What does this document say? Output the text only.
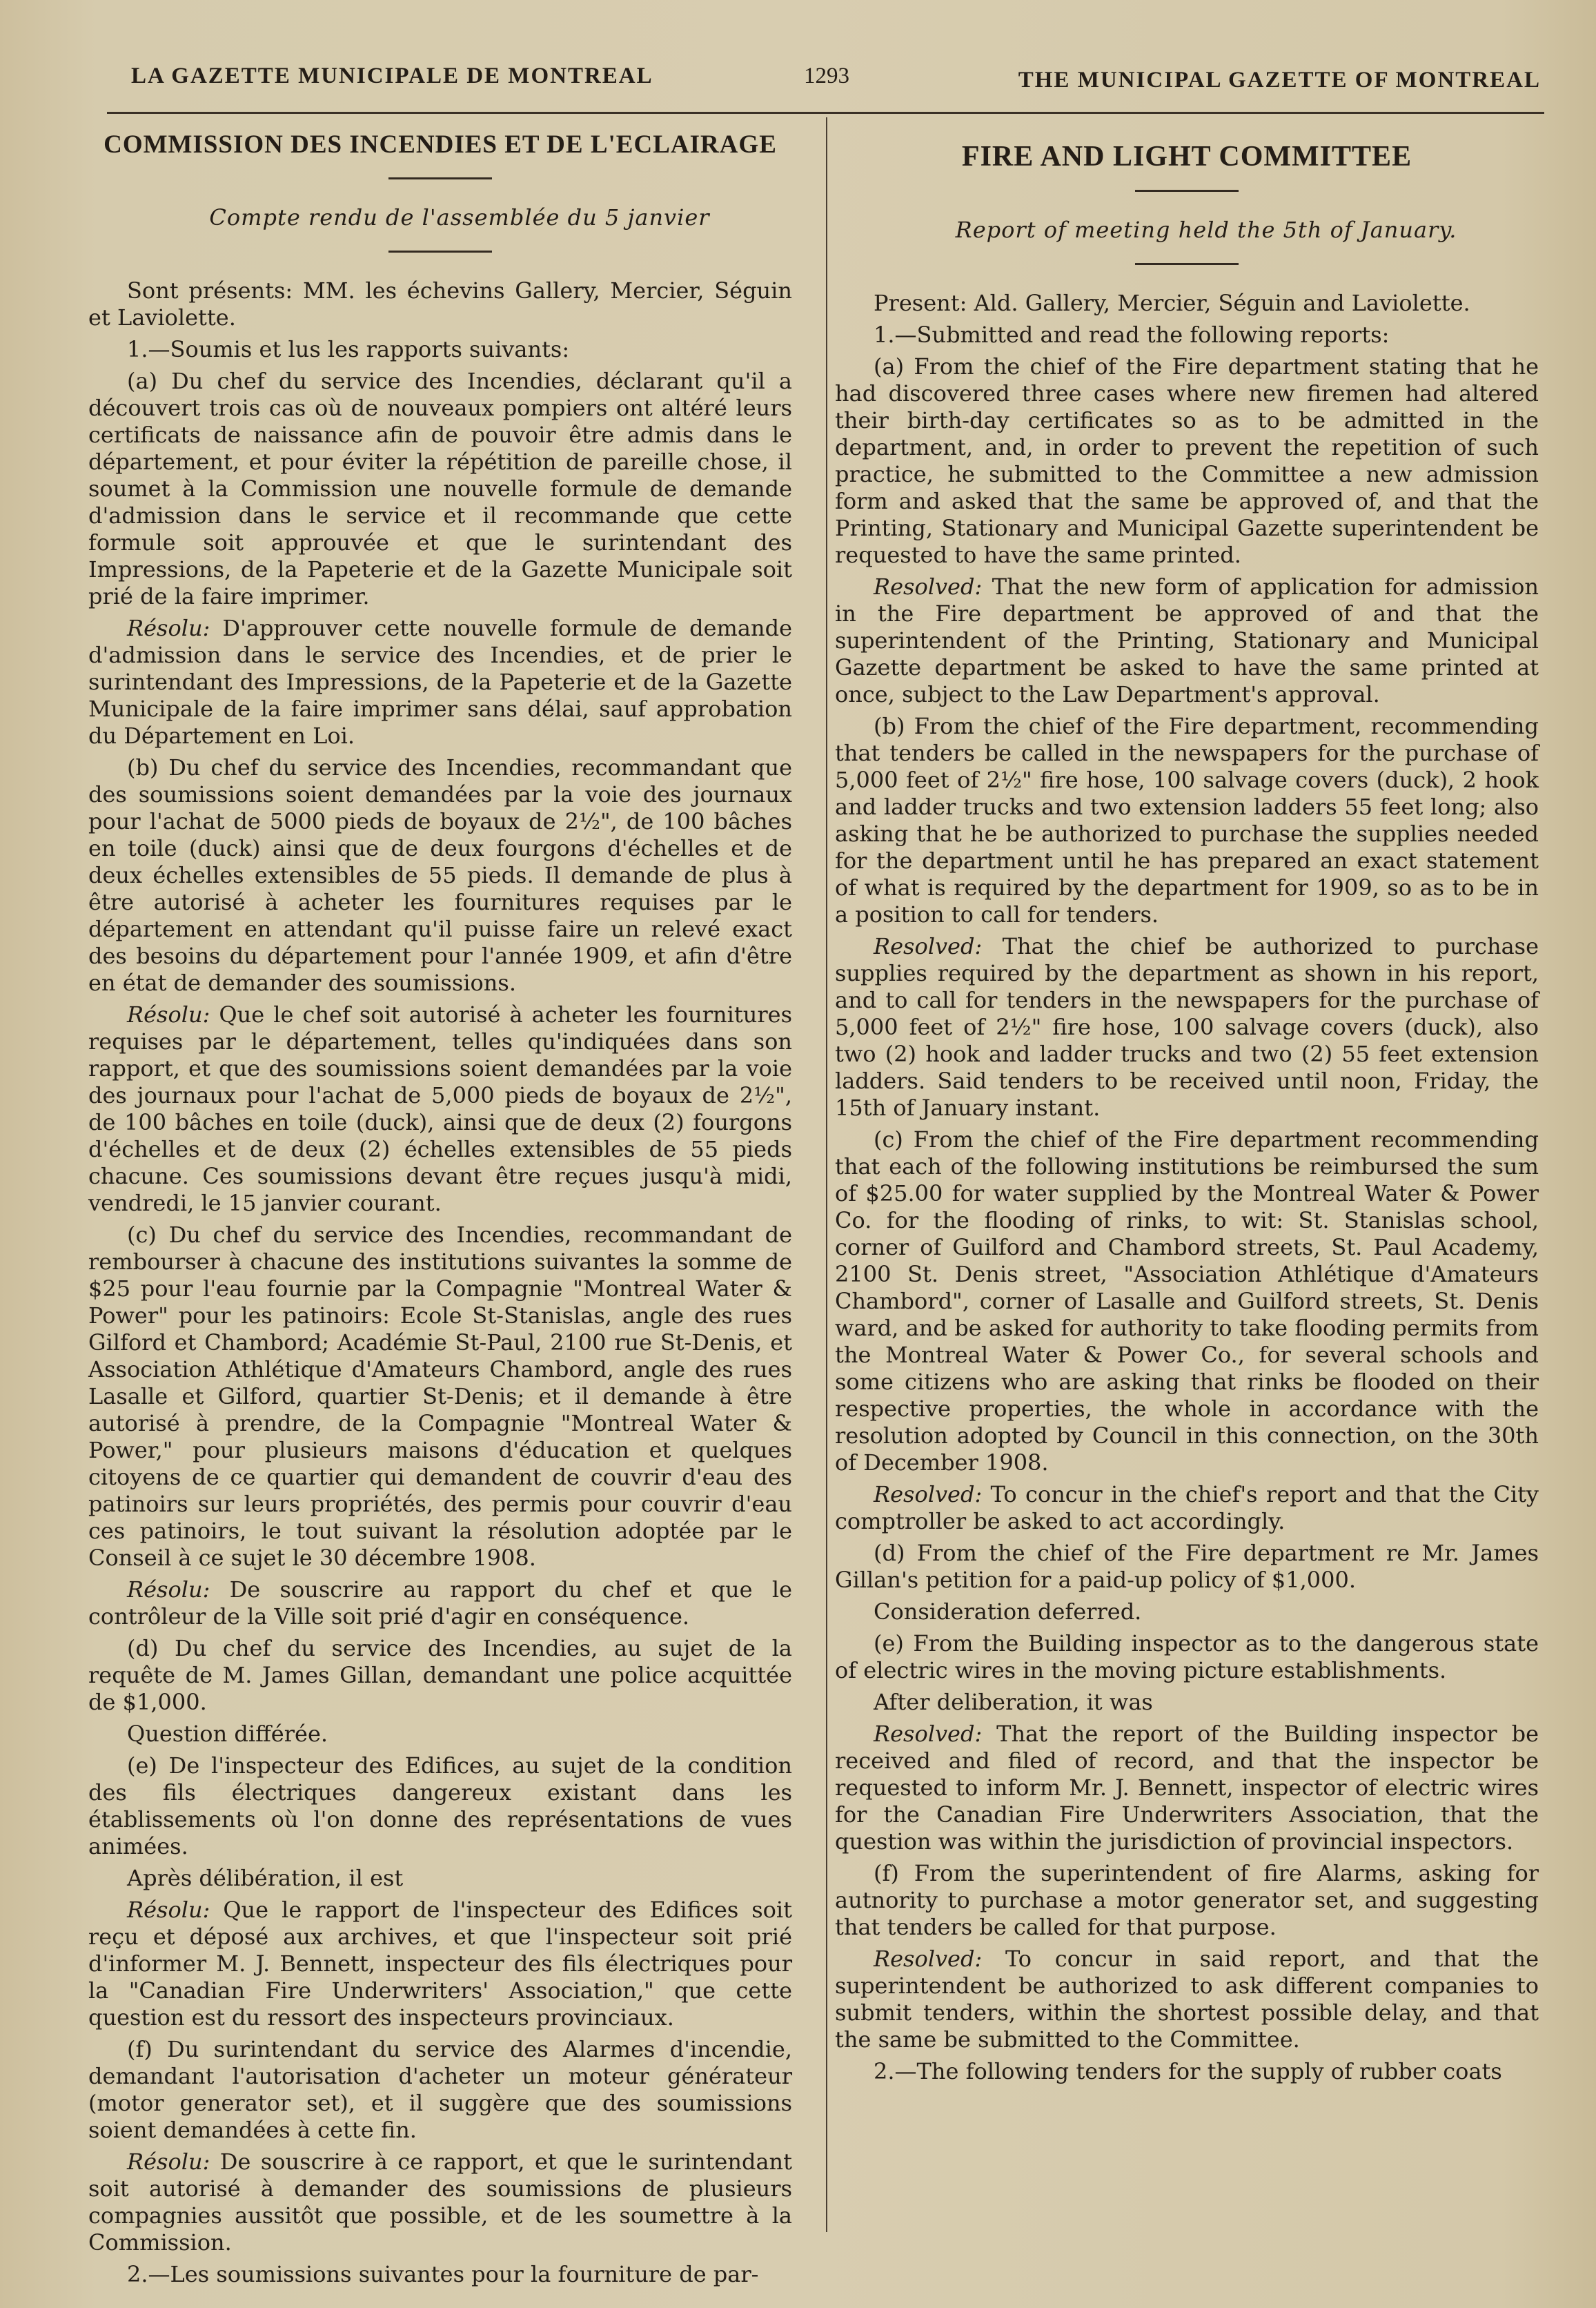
LA GAZETTE MUNICIPALE DE MONTREAL	1293	THE MUNICIPAL GAZETTE OF MONTREAL
COMMISSION DES INCENDIES ET DE L'ECLAIRAGE

Compte rendu de l'assemblée du 5 janvier

Sont présents: MM. les échevins Gallery, Mercier, Séguin et Laviolette.

1.—Soumis et lus les rapports suivants:

(a) Du chef du service des Incendies, déclarant qu'il a découvert trois cas où de nouveaux pompiers ont altéré leurs certificats de naissance afin de pouvoir être admis dans le département, et pour éviter la répétition de pareille chose, il soumet à la Commission une nouvelle formule de demande d'admission dans le service et il recommande que cette formule soit approuvée et que le surintendant des Impressions, de la Papeterie et de la Gazette Municipale soit prié de la faire imprimer.

Résolu: D'approuver cette nouvelle formule de demande d'admission dans le service des Incendies, et de prier le surintendant des Impressions, de la Papeterie et de la Gazette Municipale de la faire imprimer sans délai, sauf approbation du Département en Loi.

(b) Du chef du service des Incendies, recommandant que des soumissions soient demandées par la voie des journaux pour l'achat de 5000 pieds de boyaux de 2½", de 100 bâches en toile (duck) ainsi que de deux fourgons d'échelles et de deux échelles extensibles de 55 pieds. Il demande de plus à être autorisé à acheter les fournitures requises par le département en attendant qu'il puisse faire un relevé exact des besoins du département pour l'année 1909, et afin d'être en état de demander des soumissions.

Résolu: Que le chef soit autorisé à acheter les fournitures requises par le département, telles qu'indiquées dans son rapport, et que des soumissions soient demandées par la voie des journaux pour l'achat de 5,000 pieds de boyaux de 2½", de 100 bâches en toile (duck), ainsi que de deux (2) fourgons d'échelles et de deux (2) échelles extensibles de 55 pieds chacune. Ces soumissions devant être reçues jusqu'à midi, vendredi, le 15 janvier courant.

(c) Du chef du service des Incendies, recommandant de rembourser à chacune des institutions suivantes la somme de $25 pour l'eau fournie par la Compagnie "Montreal Water & Power" pour les patinoirs: Ecole St-Stanislas, angle des rues Gilford et Chambord; Académie St-Paul, 2100 rue St-Denis, et Association Athlétique d'Amateurs Chambord, angle des rues Lasalle et Gilford, quartier St-Denis; et il demande à être autorisé à prendre, de la Compagnie "Montreal Water & Power," pour plusieurs maisons d'éducation et quelques citoyens de ce quartier qui demandent de couvrir d'eau des patinoirs sur leurs propriétés, des permis pour couvrir d'eau ces patinoirs, le tout suivant la résolution adoptée par le Conseil à ce sujet le 30 décembre 1908.

Résolu: De souscrire au rapport du chef et que le contrôleur de la Ville soit prié d'agir en conséquence.

(d) Du chef du service des Incendies, au sujet de la requête de M. James Gillan, demandant une police acquittée de $1,000.

Question différée.

(e) De l'inspecteur des Edifices, au sujet de la condition des fils électriques dangereux existant dans les établissements où l'on donne des représentations de vues animées.

Après délibération, il est

Résolu: Que le rapport de l'inspecteur des Edifices soit reçu et déposé aux archives, et que l'inspecteur soit prié d'informer M. J. Bennett, inspecteur des fils électriques pour la "Canadian Fire Underwriters' Association," que cette question est du ressort des inspecteurs provinciaux.

(f) Du surintendant du service des Alarmes d'incendie, demandant l'autorisation d'acheter un moteur générateur (motor generator set), et il suggère que des soumissions soient demandées à cette fin.

Résolu: De souscrire à ce rapport, et que le surintendant soit autorisé à demander des soumissions de plusieurs compagnies aussitôt que possible, et de les soumettre à la Commission.

2.—Les soumissions suivantes pour la fourniture de par-

FIRE AND LIGHT COMMITTEE

Report of meeting held the 5th of January.

Present: Ald. Gallery, Mercier, Séguin and Laviolette.

1.—Submitted and read the following reports:

(a) From the chief of the Fire department stating that he had discovered three cases where new firemen had altered their birth-day certificates so as to be admitted in the department, and, in order to prevent the repetition of such practice, he submitted to the Committee a new admission form and asked that the same be approved of, and that the Printing, Stationary and Municipal Gazette superintendent be requested to have the same printed.

Resolved: That the new form of application for admission in the Fire department be approved of and that the superintendent of the Printing, Stationary and Municipal Gazette department be asked to have the same printed at once, subject to the Law Department's approval.

(b) From the chief of the Fire department, recommending that tenders be called in the newspapers for the purchase of 5,000 feet of 2½" fire hose, 100 salvage covers (duck), 2 hook and ladder trucks and two extension ladders 55 feet long; also asking that he be authorized to purchase the supplies needed for the department until he has prepared an exact statement of what is required by the department for 1909, so as to be in a position to call for tenders.

Resolved: That the chief be authorized to purchase supplies required by the department as shown in his report, and to call for tenders in the newspapers for the purchase of 5,000 feet of 2½" fire hose, 100 salvage covers (duck), also two (2) hook and ladder trucks and two (2) 55 feet extension ladders. Said tenders to be received until noon, Friday, the 15th of January instant.

(c) From the chief of the Fire department recommending that each of the following institutions be reimbursed the sum of $25.00 for water supplied by the Montreal Water & Power Co. for the flooding of rinks, to wit: St. Stanislas school, corner of Guilford and Chambord streets, St. Paul Academy, 2100 St. Denis street, "Association Athlétique d'Amateurs Chambord", corner of Lasalle and Guilford streets, St. Denis ward, and be asked for authority to take flooding permits from the Montreal Water & Power Co., for several schools and some citizens who are asking that rinks be flooded on their respective properties, the whole in accordance with the resolution adopted by Council in this connection, on the 30th of December 1908.

Resolved: To concur in the chief's report and that the City comptroller be asked to act accordingly.

(d) From the chief of the Fire department re Mr. James Gillan's petition for a paid-up policy of $1,000.

Consideration deferred.

(e) From the Building inspector as to the dangerous state of electric wires in the moving picture establishments.

After deliberation, it was

Resolved: That the report of the Building inspector be received and filed of record, and that the inspector be requested to inform Mr. J. Bennett, inspector of electric wires for the Canadian Fire Underwriters Association, that the question was within the jurisdiction of provincial inspectors.

(f) From the superintendent of fire Alarms, asking for autnority to purchase a motor generator set, and suggesting that tenders be called for that purpose.

Resolved: To concur in said report, and that the superintendent be authorized to ask different companies to submit tenders, within the shortest possible delay, and that the same be submitted to the Committee.

2.—The following tenders for the supply of rubber coats
